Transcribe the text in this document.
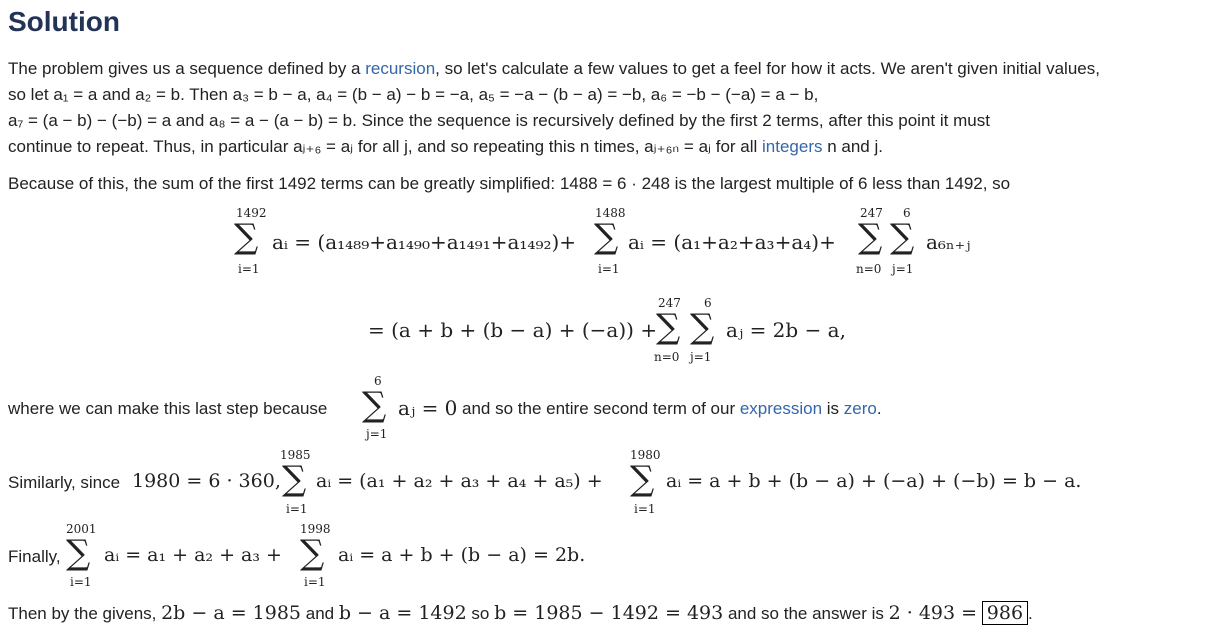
Solution
The problem gives us a sequence defined by a recursion, so let's calculate a few values to get a feel for how it acts. We aren't given initial values,
so let a₁ = a and a₂ = b. Then a₃ = b − a, a₄ = (b − a) − b = −a, a₅ = −a − (b − a) = −b, a₆ = −b − (−a) = a − b,
a₇ = (a − b) − (−b) = a and a₈ = a − (a − b) = b. Since the sequence is recursively defined by the first 2 terms, after this point it must
continue to repeat. Thus, in particular aⱼ₊₆ = aⱼ for all j, and so repeating this n times, aⱼ₊₆ₙ = aⱼ for all integers n and j.
Because of this, the sum of the first 1492 terms can be greatly simplified: 1488 = 6 · 248 is the largest multiple of 6 less than 1492, so
1492
∑
i=1
aᵢ = (a₁₄₈₉+a₁₄₉₀+a₁₄₉₁+a₁₄₉₂)+
1488
∑
i=1
aᵢ = (a₁+a₂+a₃+a₄)+
247
∑
n=0
6
∑
j=1
a₆ₙ₊ⱼ
= (a + b + (b − a) + (−a)) +
247
∑
n=0
6
∑
j=1
aⱼ = 2b − a,
where we can make this last step because
6
∑
j=1
aⱼ = 0 and so the entire second term of our expression is zero.
Similarly, since 1980 = 6 · 360,
1985
∑
i=1
aᵢ = (a₁ + a₂ + a₃ + a₄ + a₅) +
1980
∑
i=1
aᵢ = a + b + (b − a) + (−a) + (−b) = b − a.
Finally,
2001
∑
i=1
aᵢ = a₁ + a₂ + a₃ +
1998
∑
i=1
aᵢ = a + b + (b − a) = 2b.
Then by the givens, 2b − a = 1985 and b − a = 1492 so b = 1985 − 1492 = 493 and so the answer is 2 · 493 = 986 .
